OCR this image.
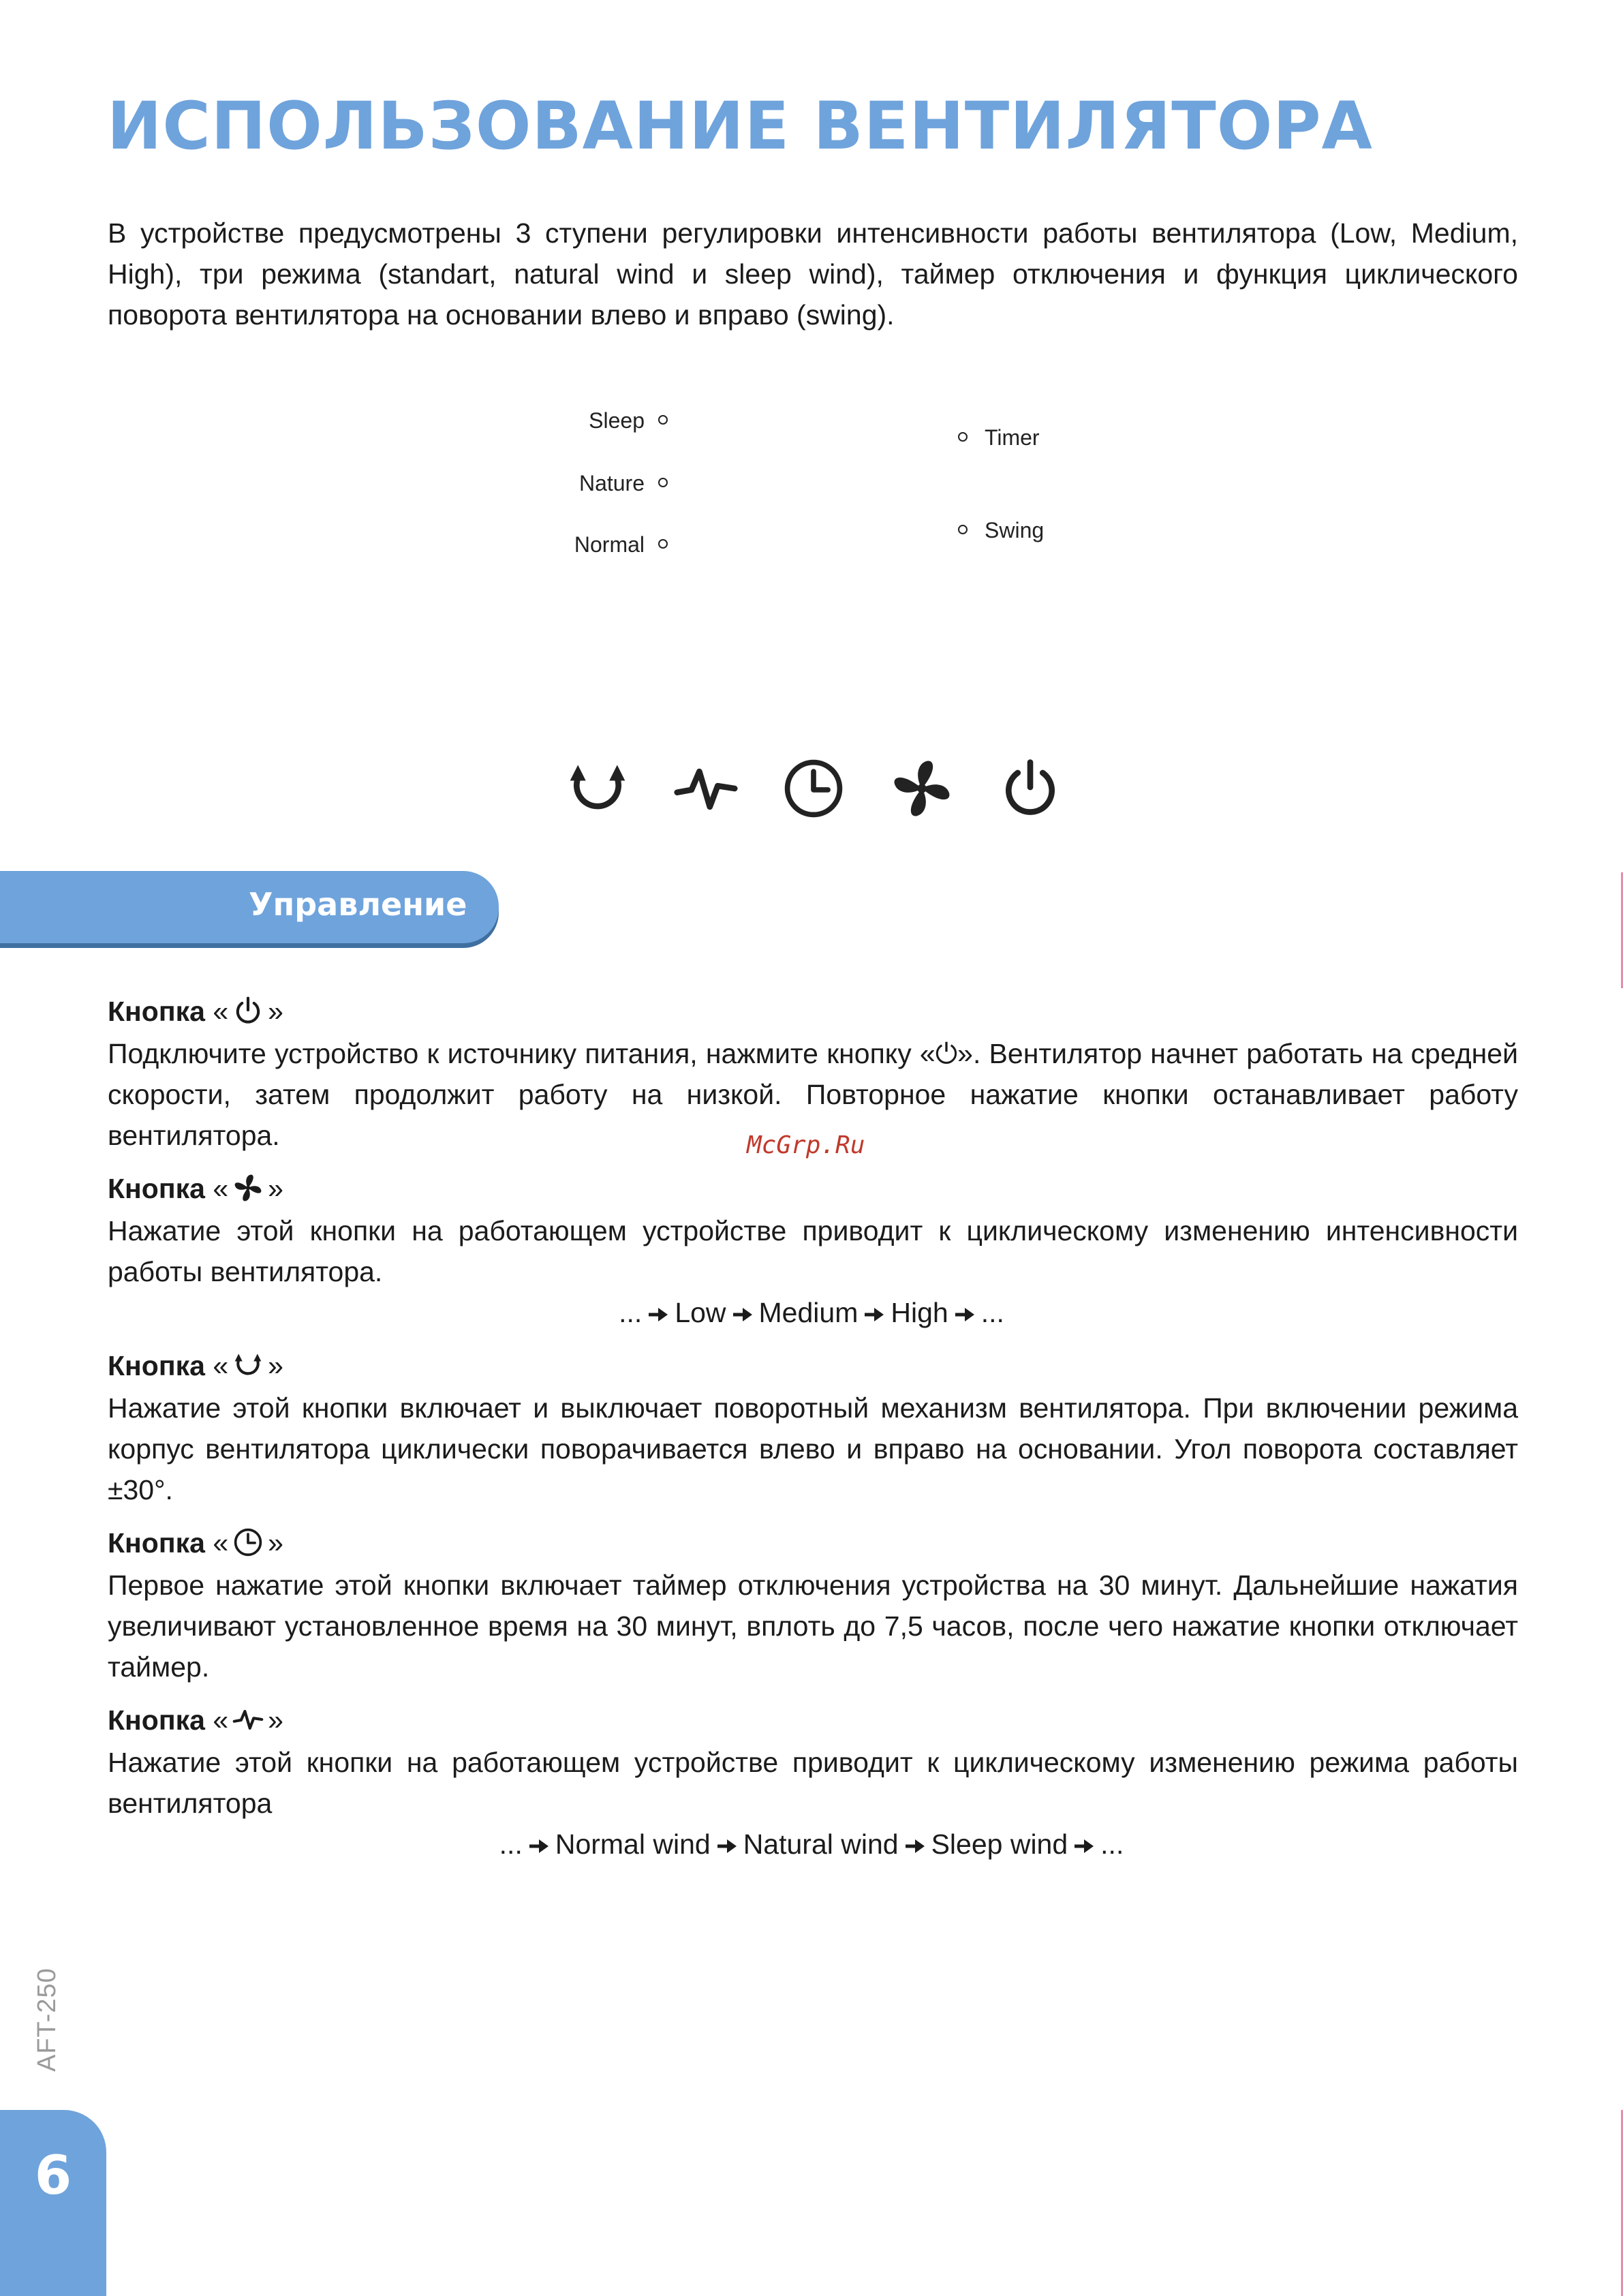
ИСПОЛЬЗОВАНИЕ ВЕНТИЛЯТОРА

В устройстве предусмотрены 3 ступени регулировки интенсивности работы вентилятора (Low, Medium, High), три режима (standart, natural wind и sleep wind), таймер отключения и функция циклического поворота вентилятора на основании влево и вправо (swing).

Sleep
Nature
Normal
Timer
Swing
Управление
Кнопка « »

Подключите устройство к источнику питания, нажмите кнопку «⏻». Вентилятор начнет работать на средней скорости, затем продолжит работу на низкой. Повторное нажатие кнопки останавливает работу вентилятора.	McGrp.Ru
Кнопка « »

Нажатие этой кнопки на работающем устройстве приводит к циклическому изменению интенсивности работы вентилятора.

... Low Medium High ...
Кнопка « »

Нажатие этой кнопки включает и выключает поворотный механизм вентилятора. При включении режима корпус вентилятора циклически поворачивается влево и вправо на основании. Угол поворота составляет ±30°.

Кнопка « »

Первое нажатие этой кнопки включает таймер отключения устройства на 30 минут. Дальнейшие нажатия увеличивают установленное время на 30 минут, вплоть до 7,5 часов, после чего нажатие кнопки отключает таймер.

Кнопка « »

Нажатие этой кнопки на работающем устройстве приводит к циклическому изменению режима работы вентилятора

... Normal wind Natural wind Sleep wind ...
AFT-250
6
